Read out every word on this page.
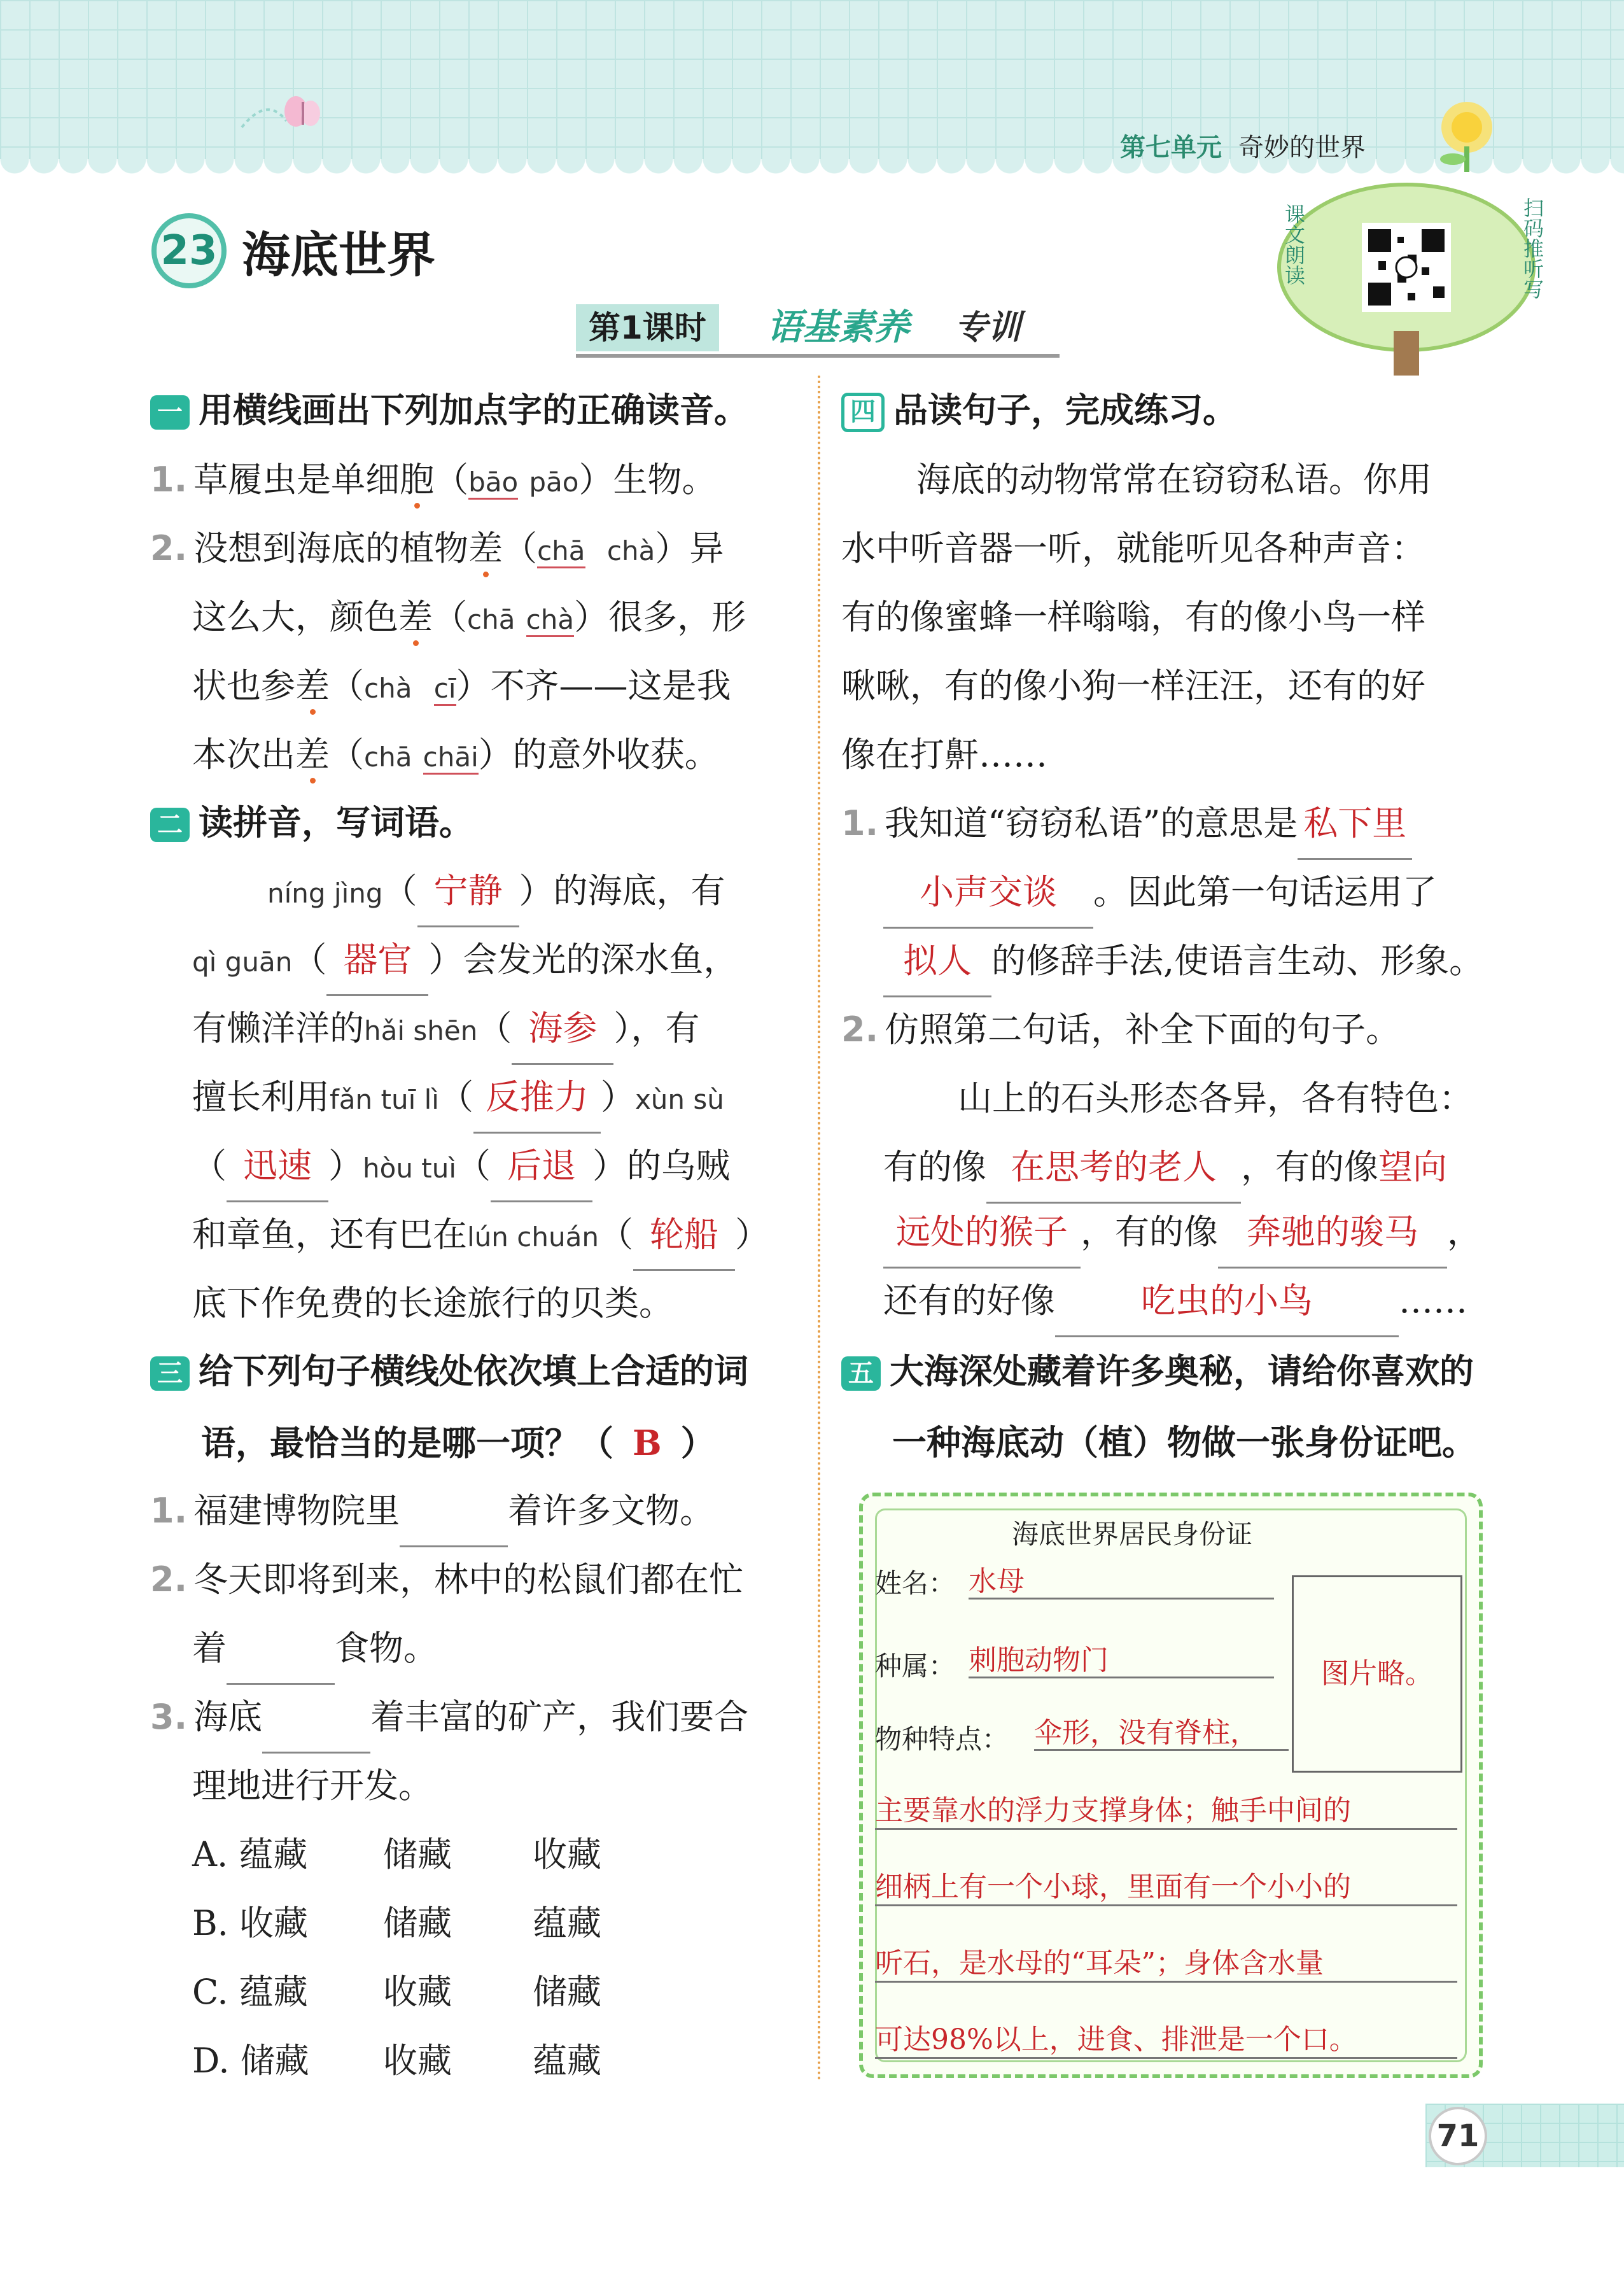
第七单元 奇妙的世界
23 海底世界
第1课时	语基素养 专训
课文朗读	扫码推听写
一 用横线画出下列加点字的正确读音。
1. 草履虫是单细胞（bāo pāo）生物。
2. 没想到海底的植物差（chā chà）异
这么大，颜色差（chā chà）很多，形
状也参差（chà cī）不齐——这是我
本次出差（chā chāi）的意外收获。
二 读拼音，写词语。
níng jìng（ 宁静 ）的海底，有
qì guān（ 器官 ）会发光的深水鱼，
有懒洋洋的hǎi shēn（ 海参 ），有
擅长利用fǎn tuī lì（ 反推力 ）xùn sù
（ 迅速 ）hòu tuì（ 后退 ）的乌贼
和章鱼，还有巴在lún chuán（ 轮船 ）
底下作免费的长途旅行的贝类。
三 给下列句子横线处依次填上合适的词
语，最恰当的是哪一项？（ B ）
1. 福建博物院里	着许多文物。
2. 冬天即将到来，林中的松鼠们都在忙
着	食物。
3. 海底	着丰富的矿产，我们要合
理地进行开发。
A. 蕴藏 储藏 收藏
B. 收藏 储藏 蕴藏
C. 蕴藏 收藏 储藏
D. 储藏 收藏 蕴藏
四 品读句子，完成练习。
海底的动物常常在窃窃私语。你用
水中听音器一听，就能听见各种声音：
有的像蜜蜂一样嗡嗡，有的像小鸟一样
啾啾，有的像小狗一样汪汪，还有的好
像在打鼾……
1. 我知道“窃窃私语”的意思是 私下里
小声交谈 。因此第一句话运用了
拟人 的修辞手法,使语言生动、形象。
2. 仿照第二句话，补全下面的句子。
山上的石头形态各异，各有特色：
有的像 在思考的老人 ，有的像望向
远处的猴子 ，有的像 奔驰的骏马 ，
还有的好像	吃虫的小鸟	……
五 大海深处藏着许多奥秘，请给你喜欢的
一种海底动（植）物做一张身份证吧。
海底世界居民身份证
姓名： 水母
种属： 刺胞动物门	图片略。
物种特点： 伞形，没有脊柱，
主要靠水的浮力支撑身体；触手中间的
细柄上有一个小球，里面有一个小小的
听石，是水母的“耳朵”；身体含水量
可达98%以上，进食、排泄是一个口。
71
